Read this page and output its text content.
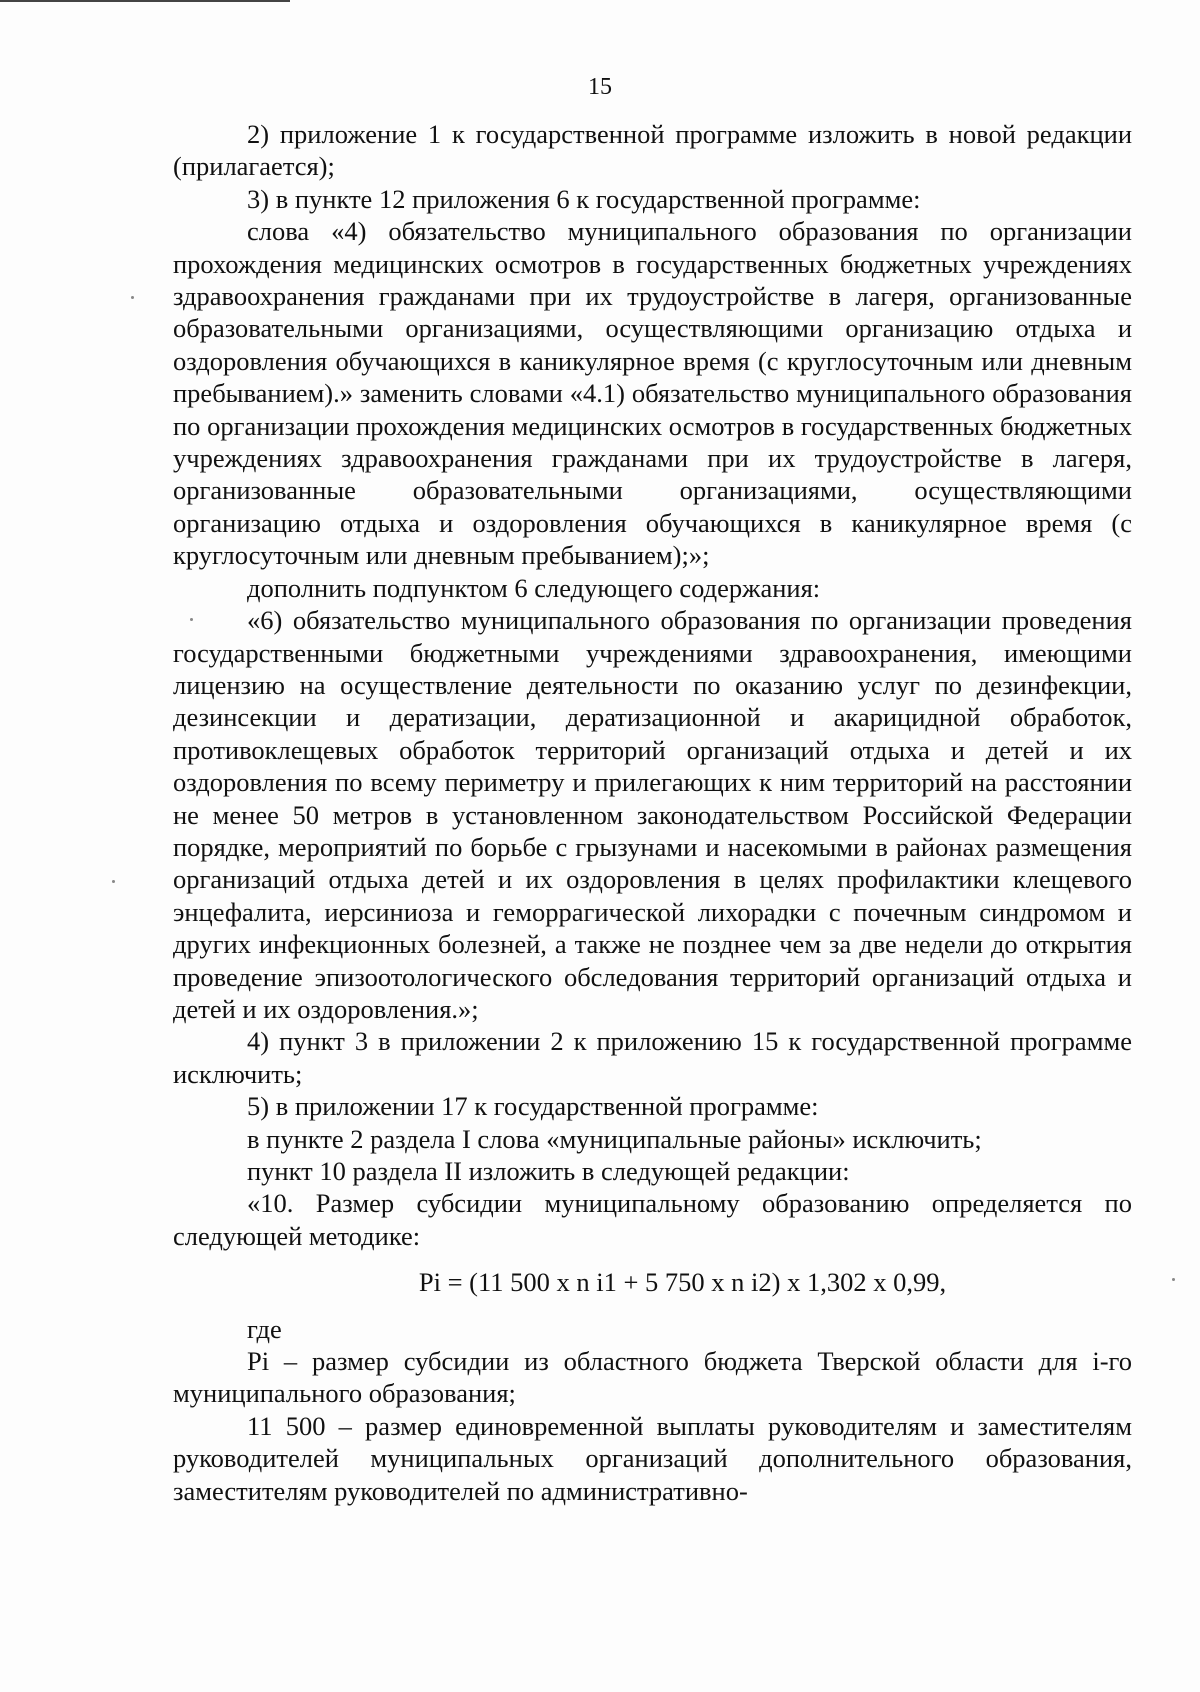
15

2) приложение 1 к государственной программе изложить в новой редакции (прилагается);

3) в пункте 12 приложения 6 к государственной программе:

слова «4) обязательство муниципального образования по организации прохождения медицинских осмотров в государственных бюджетных учреждениях здравоохранения гражданами при их трудоустройстве в лагеря, организованные образовательными организациями, осуществляющими организацию отдыха и оздоровления обучающихся в каникулярное время (с круглосуточным или дневным пребыванием).» заменить словами «4.1) обязательство муниципального образования по организации прохождения медицинских осмотров в государственных бюджетных учреждениях здравоохранения гражданами при их трудоустройстве в лагеря, организованные образовательными организациями, осуществляющими организацию отдыха и оздоровления обучающихся в каникулярное время (с круглосуточным или дневным пребыванием);»;

дополнить подпунктом 6 следующего содержания:

«6) обязательство муниципального образования по организации проведения государственными бюджетными учреждениями здравоохранения, имеющими лицензию на осуществление деятельности по оказанию услуг по дезинфекции, дезинсекции и дератизации, дератизационной и акарицидной обработок, противоклещевых обработок территорий организаций отдыха и детей и их оздоровления по всему периметру и прилегающих к ним территорий на расстоянии не менее 50 метров в установленном законодательством Российской Федерации порядке, мероприятий по борьбе с грызунами и насекомыми в районах размещения организаций отдыха детей и их оздоровления в целях профилактики клещевого энцефалита, иерсиниоза и геморрагической лихорадки с почечным синдромом и других инфекционных болезней, а также не позднее чем за две недели до открытия проведение эпизоотологического обследования территорий организаций отдыха и детей и их оздоровления.»;

4) пункт 3 в приложении 2 к приложению 15 к государственной программе исключить;

5) в приложении 17 к государственной программе:

в пункте 2 раздела I слова «муниципальные районы» исключить;

пункт 10 раздела II изложить в следующей редакции:

«10. Размер субсидии муниципальному образованию определяется по следующей методике:

Pi = (11 500 x n i1 + 5 750 x n i2) x 1,302 x 0,99,

где

Pi – размер субсидии из областного бюджета Тверской области для i-го муниципального образования;

11 500 – размер единовременной выплаты руководителям и заместителям руководителей муниципальных организаций дополнительного образования, заместителям руководителей по административно-
